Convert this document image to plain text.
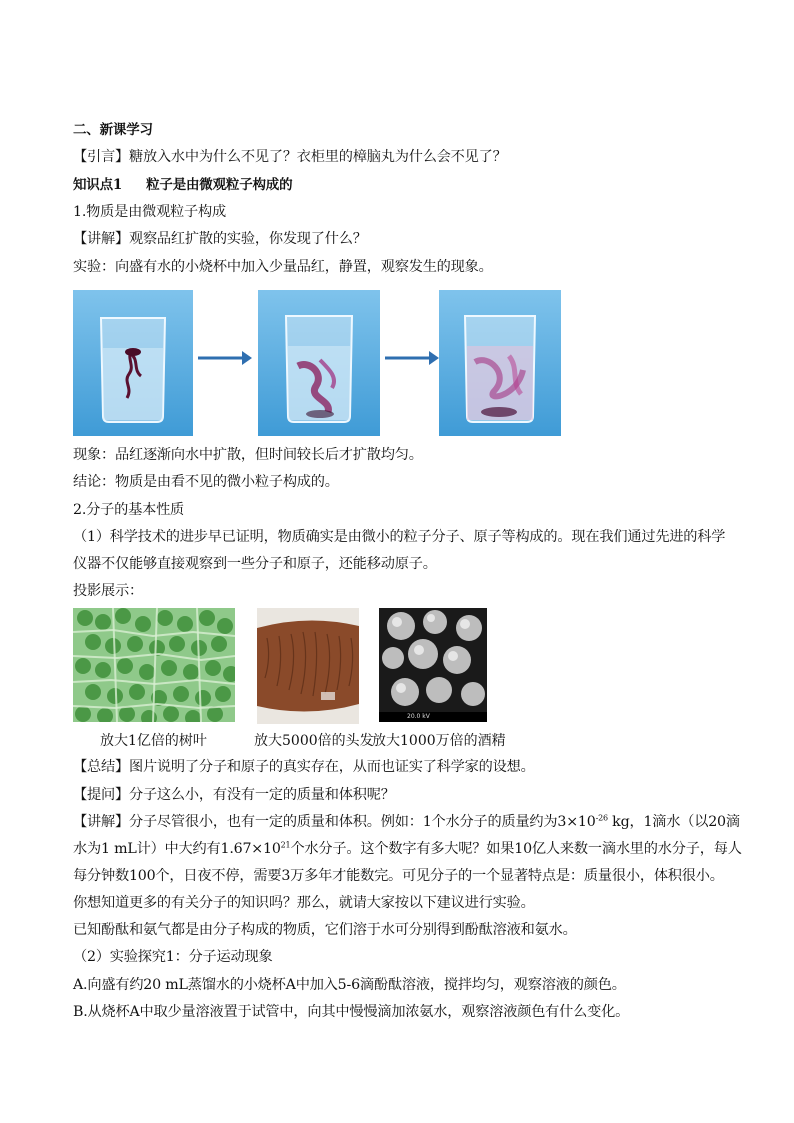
二、新课学习
【引言】糖放入水中为什么不见了？衣柜里的樟脑丸为什么会不见了？
知识点1 粒子是由微观粒子构成的
1.物质是由微观粒子构成
【讲解】观察品红扩散的实验，你发现了什么？
实验：向盛有水的小烧杯中加入少量品红，静置，观察发生的现象。
现象：品红逐渐向水中扩散，但时间较长后才扩散均匀。
结论：物质是由看不见的微小粒子构成的。
2.分子的基本性质
（1）科学技术的进步早已证明，物质确实是由微小的粒子分子、原子等构成的。现在我们通过先进的科学
仪器不仅能够直接观察到一些分子和原子，还能移动原子。
投影展示：
20.0 kV
放大1亿倍的树叶	放大5000倍的头发
放大1000万倍的酒精
【总结】图片说明了分子和原子的真实存在，从而也证实了科学家的设想。
【提问】分子这么小，有没有一定的质量和体积呢？
【讲解】分子尽管很小，也有一定的质量和体积。例如：1个水分子的质量约为$3\times 10^{-26}$ kg，1滴水（以20滴
水为1 mL计）中大约有$1.67\times 10^{21}$个水分子。这个数字有多大呢？如果10亿人来数一滴水里的水分子，每人
每分钟数100个，日夜不停，需要3万多年才能数完。可见分子的一个显著特点是：质量很小，体积很小。
你想知道更多的有关分子的知识吗？那么，就请大家按以下建议进行实验。
已知酚酞和氨气都是由分子构成的物质，它们溶于水可分别得到酚酞溶液和氨水。
（2）实验探究1：分子运动现象
A.向盛有约20 mL蒸馏水的小烧杯A中加入5-6滴酚酞溶液，搅拌均匀，观察溶液的颜色。
B.从烧杯A中取少量溶液置于试管中，向其中慢慢滴加浓氨水，观察溶液颜色有什么变化。
